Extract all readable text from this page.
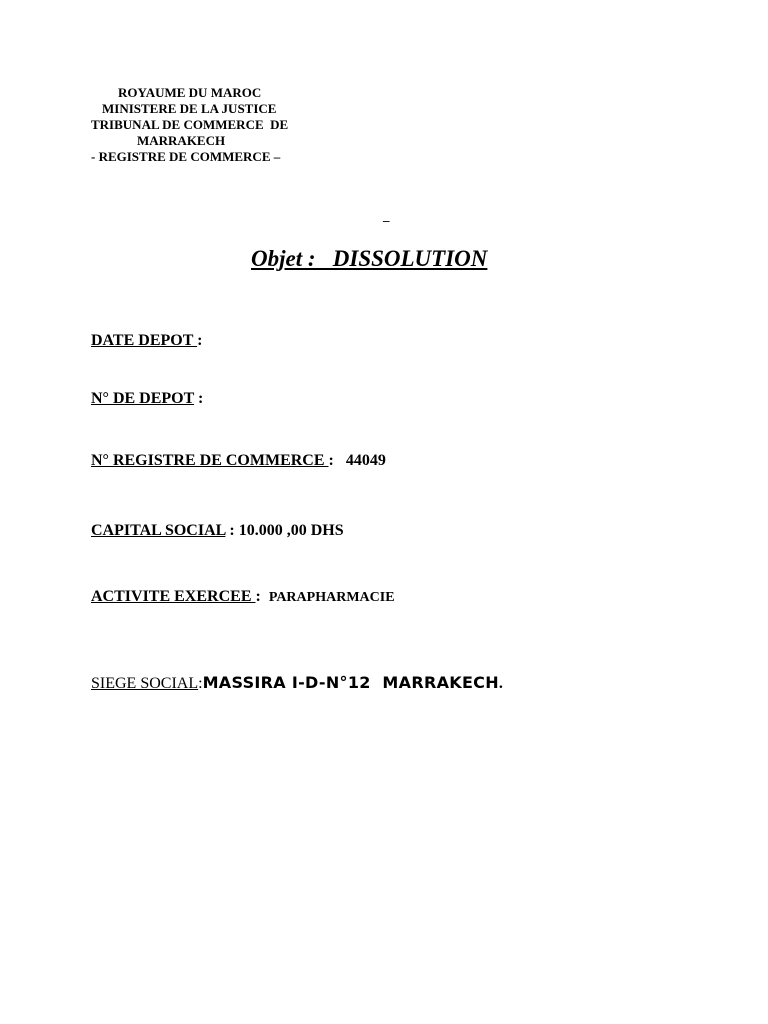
ROYAUME DU MAROC
MINISTERE DE LA JUSTICE
TRIBUNAL DE COMMERCE  DE
MARRAKECH
- REGISTRE DE COMMERCE –
_
Objet :   DISSOLUTION
DATE DEPOT :
N° DE DEPOT :
N° REGISTRE DE COMMERCE :   44049
CAPITAL SOCIAL : 10.000 ,00 DHS
ACTIVITE EXERCEE :  PARAPHARMACIE
SIEGE SOCIAL:MASSIRA I-D-N°12  MARRAKECH.
